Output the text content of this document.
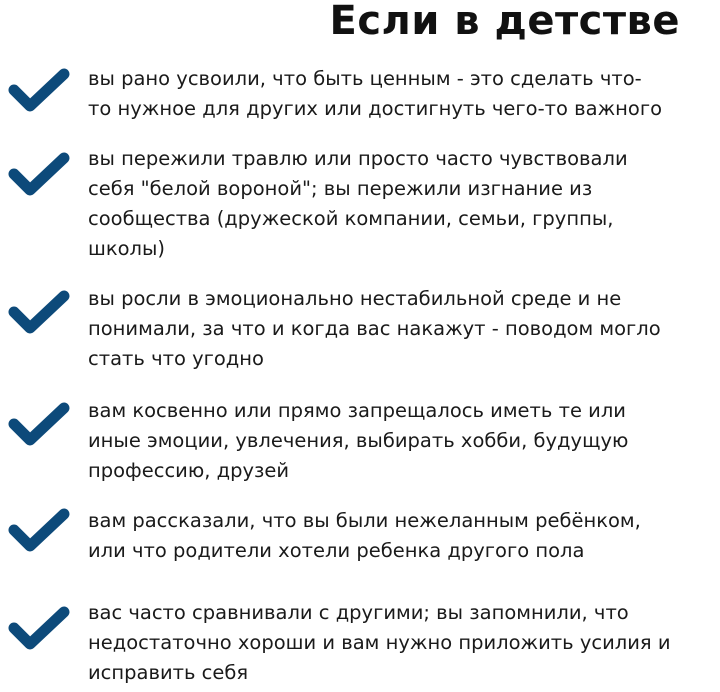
Если в детстве
вы рано усвоили, что быть ценным - это сделать что-
то нужное для других или достигнуть чего-то важного
вы пережили травлю или просто часто чувствовали
себя "белой вороной"; вы пережили изгнание из
сообщества (дружеской компании, семьи, группы,
школы)
вы росли в эмоционально нестабильной среде и не
понимали, за что и когда вас накажут - поводом могло
стать что угодно
вам косвенно или прямо запрещалось иметь те или
иные эмоции, увлечения, выбирать хобби, будущую
профессию, друзей
вам рассказали, что вы были нежеланным ребёнком,
или что родители хотели ребенка другого пола
вас часто сравнивали с другими; вы запомнили, что
недостаточно хороши и вам нужно приложить усилия и
исправить себя
